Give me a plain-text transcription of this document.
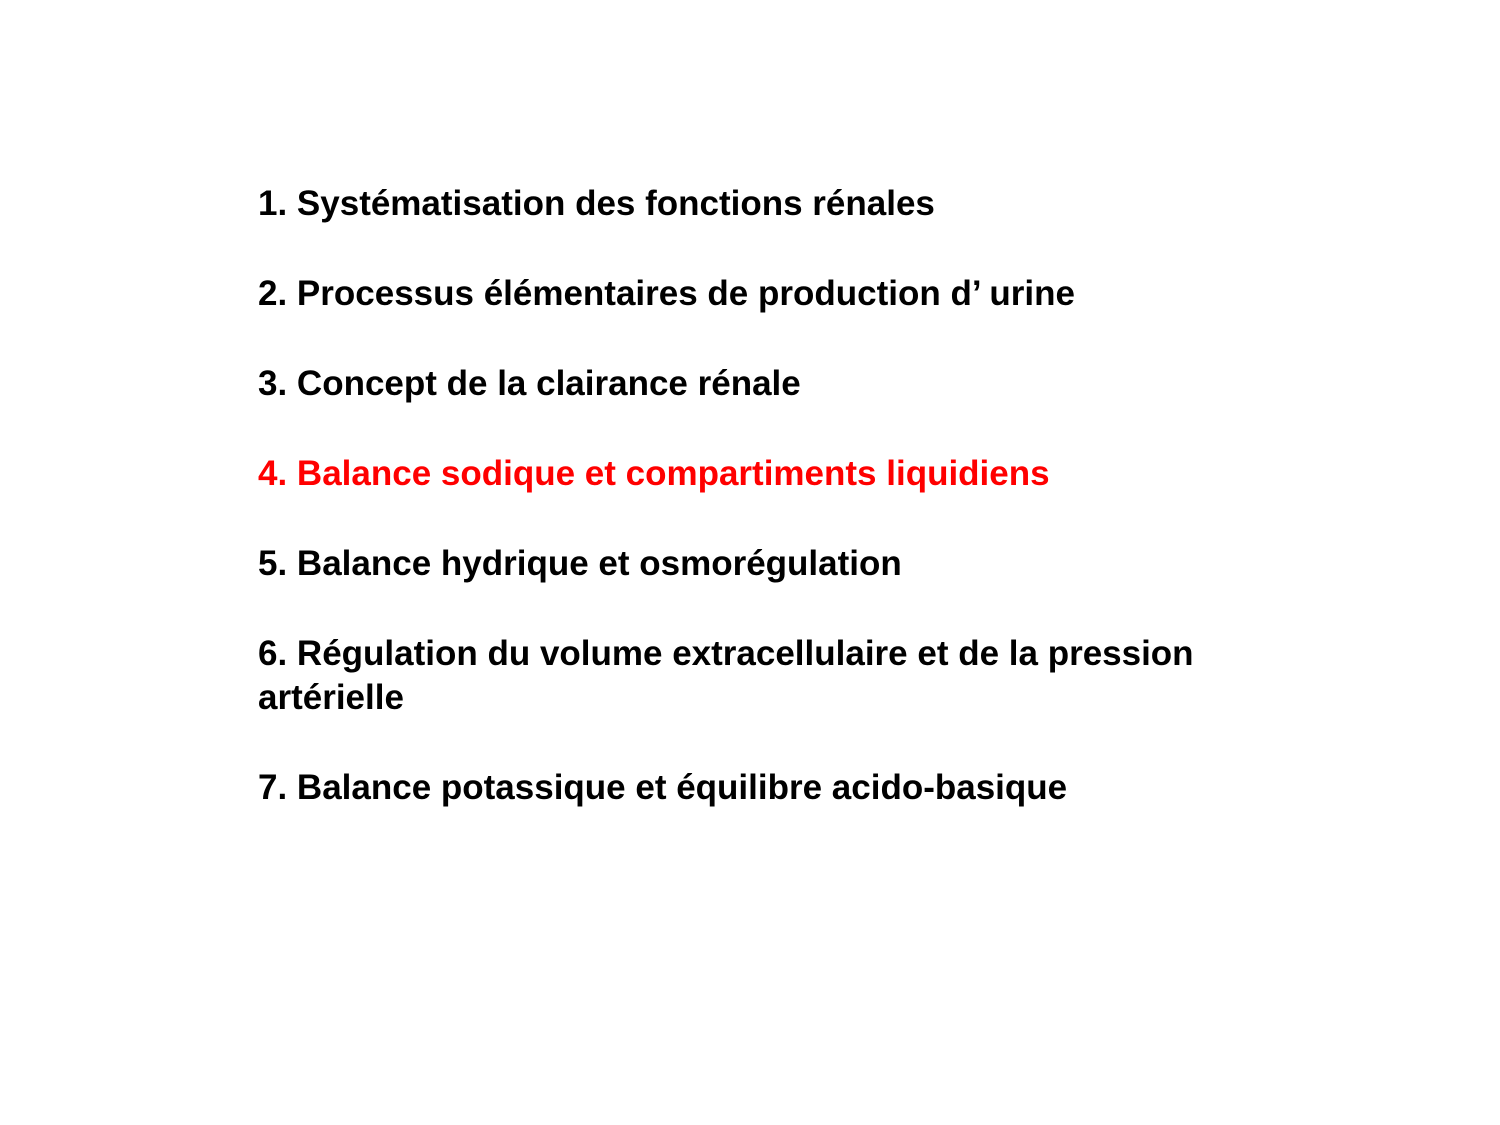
1. Systématisation des fonctions rénales
2. Processus élémentaires de production d’ urine
3. Concept de la clairance rénale
4. Balance sodique et compartiments liquidiens
5. Balance hydrique et osmorégulation
6. Régulation du volume extracellulaire et de la pression artérielle
7. Balance potassique et équilibre acido-basique
